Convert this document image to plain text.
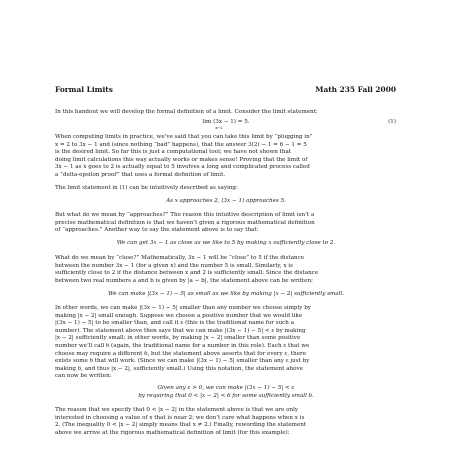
Formal Limits	Math 235 Fall 2000
In this handout we will develop the formal definition of a limit. Consider the limit statement:
lim (3x − 1) = 5.
x→2
(1)
When computing limits in practice, we’ve said that you can take this limit by “plugging in”
x = 2 to 3x − 1 and (since nothing “bad” happens), that the answer 3(2) − 1 = 6 − 1 = 5
is the desired limit. So far this is just a computational tool; we have not shown that
doing limit calculations this way actually works or makes sense! Proving that the limit of
3x − 1 as x goes to 2 is actually equal to 5 involves a long and complicated process called
a “delta-epsilon proof” that uses a formal definition of limit.
The limit statement in (1) can be intuitively described as saying:
As x approaches 2, (3x − 1) approaches 5.
But what do we mean by “approaches?” The reason this intuitive description of limit isn’t a
precise mathematical definition is that we haven’t given a rigorous mathematical definition
of “approaches.” Another way to say the statement above is to say that:
We can get 3x − 1 as close as we like to 5 by making x sufficiently close to 2.
What do we mean by “close?” Mathematically, 3x − 1 will be “close” to 5 if the distance
between the number 3x − 1 (for a given x) and the number 5 is small. Similarly, x is
sufficiently close to 2 if the distance between x and 2 is sufficiently small. Since the distance
between two real numbers a and b is given by |a − b|, the statement above can be written:
We can make |(3x − 1) − 5| as small as we like by making |x − 2| sufficiently small.
In other words, we can make |(3x − 1) − 5| smaller than any number we choose simply by
making |x − 2| small enough. Suppose we choose a positive number that we would like
|(3x − 1) − 5| to be smaller than, and call it ε (this is the traditional name for such a
number). The statement above then says that we can make |(3x − 1) − 5| < ε by making
|x − 2| sufficiently small; in other words, by making |x − 2| smaller than some positive
number we’ll call δ (again, the traditional name for a number in this role). Each ε that we
choose may require a different δ, but the statement above asserts that for every ε, there
exists some δ that will work. (Since we can make |(3x − 1) − 5| smaller than any ε just by
making δ, and thus |x − 2|, sufficiently small.) Using this notation, the statement above
can now be written:
Given any ε > 0, we can make |(3x − 1) − 5| < ε
by requiring that 0 < |x − 2| < δ for some sufficiently small δ.
The reason that we specify that 0 < |x − 2| in the statement above is that we are only
interested in choosing a value of x that is near 2; we don’t care what happens when x is
2. (The inequality 0 < |x − 2| simply means that x ≠ 2.) Finally, rewording the statement
above we arrive at the rigorous mathematical definition of limit (for this example):
